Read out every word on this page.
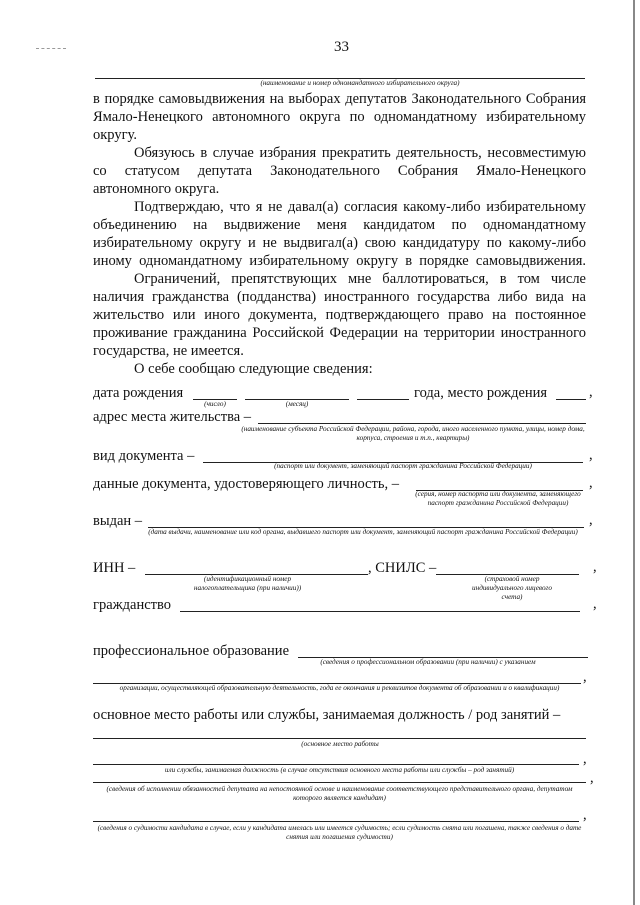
33
(наименование и номер одномандатного избирательного округа)
в порядке самовыдвижения на выборах депутатов Законодательного Собрания
Ямало-Ненецкого автономного округа по одномандатному избирательному
округу.
Обязуюсь в случае избрания прекратить деятельность, несовместимую
со статусом депутата Законодательного Собрания Ямало-Ненецкого
автономного округа.
Подтверждаю, что я не давал(а) согласия какому-либо избирательному
объединению на выдвижение меня кандидатом по одномандатному
избирательному округу и не выдвигал(а) свою кандидатуру по какому-либо
иному одномандатному избирательному округу в порядке самовыдвижения.
Ограничений, препятствующих мне баллотироваться, в том числе
наличия гражданства (подданства) иностранного государства либо вида на
жительство или иного документа, подтверждающего право на постоянное
проживание гражданина Российской Федерации на территории иностранного
государства, не имеется.
О себе сообщаю следующие сведения:
дата рождения	года, место рождения	,
(число)	(месяц)
адрес места жительства –
(наименование субъекта Российской Федерации, района, города, иного населенного пункта, улицы, номер дома, корпуса, строения и т.п., квартиры)
вид документа –	,
(паспорт или документ, заменяющий паспорт гражданина Российской Федерации)
данные документа, удостоверяющего личность, –	,
(серия, номер паспорта или документа, заменяющего паспорт гражданина Российской Федерации)
выдан –	,
(дата выдачи, наименование или код органа, выдавшего паспорт или документ, заменяющий паспорт гражданина Российской Федерации)
ИНН –	, СНИЛС –	,
(идентификационный номер налогоплательщика (при наличии))
(страховой номер индивидуального лицевого счета)
гражданство	,
профессиональное образование
(сведения о профессиональном образовании (при наличии) с указанием
,
организации, осуществляющей образовательную деятельность, года ее окончания и реквизитов документа об образовании и о квалификации)
основное место работы или службы, занимаемая должность / род занятий –
(основное место работы
,
или службы, занимаемая должность (в случае отсутствия основного места работы или службы – род занятий)	,
(сведения об исполнении обязанностей депутата на непостоянной основе и наименование соответствующего представительного органа, депутатом которого является кандидат)
,
(сведения о судимости кандидата в случае, если у кандидата имелась или имеется судимость; если судимость снята или погашена, также сведения о дате снятия или погашения судимости)
